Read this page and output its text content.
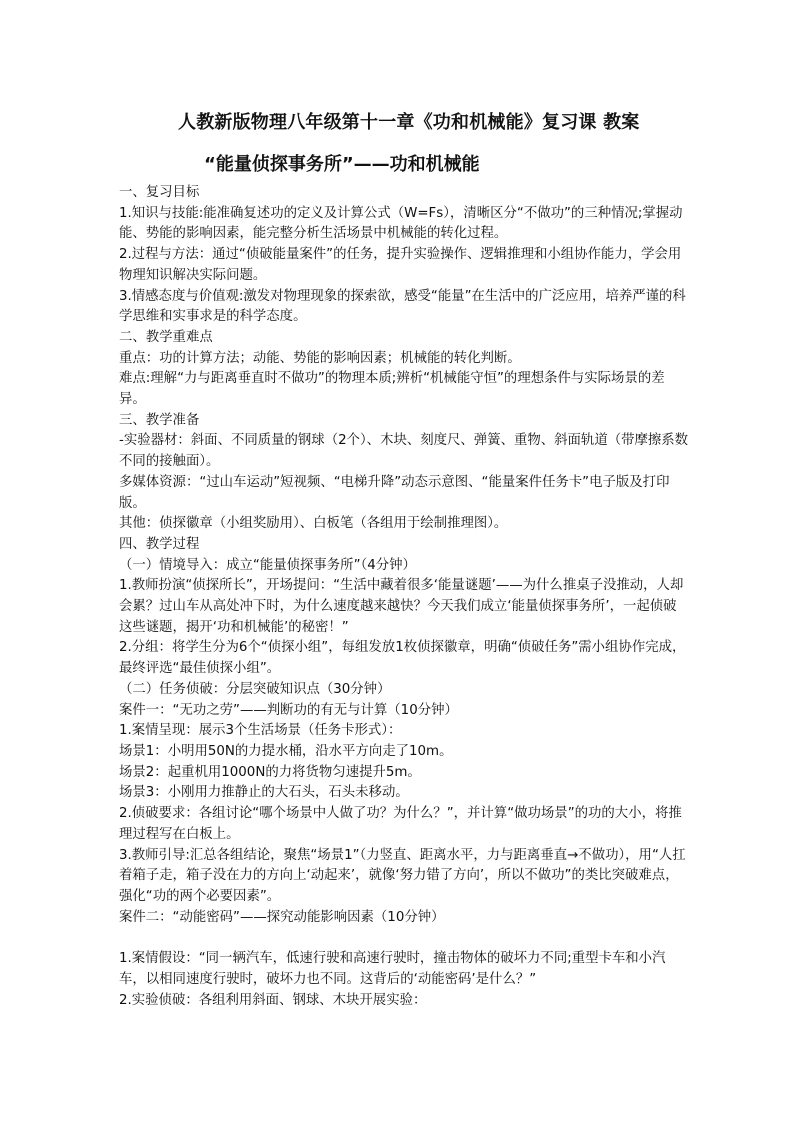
人教新版物理八年级第十一章《功和机械能》复习课 教案
“能量侦探事务所”——功和机械能

一、复习目标

1.知识与技能:能准确复述功的定义及计算公式（W=Fs），清晰区分“不做功”的三种情况;掌握动能、势能的影响因素，能完整分析生活场景中机械能的转化过程。

2.过程与方法：通过“侦破能量案件”的任务，提升实验操作、逻辑推理和小组协作能力，学会用物理知识解决实际问题。

3.情感态度与价值观:激发对物理现象的探索欲，感受“能量”在生活中的广泛应用，培养严谨的科学思维和实事求是的科学态度。

二、教学重难点

重点：功的计算方法；动能、势能的影响因素；机械能的转化判断。

难点:理解“力与距离垂直时不做功”的物理本质;辨析“机械能守恒”的理想条件与实际场景的差异。

三、教学准备

-实验器材：斜面、不同质量的钢球（2个）、木块、刻度尺、弹簧、重物、斜面轨道（带摩擦系数不同的接触面）。

多媒体资源：“过山车运动”短视频、“电梯升降”动态示意图、“能量案件任务卡”电子版及打印版。

其他：侦探徽章（小组奖励用）、白板笔（各组用于绘制推理图）。

四、教学过程

（一）情境导入：成立“能量侦探事务所”（4分钟）

1.教师扮演“侦探所长”，开场提问：“生活中藏着很多‘能量谜题’——为什么推桌子没推动，人却会累？过山车从高处冲下时，为什么速度越来越快？今天我们成立‘能量侦探事务所’，一起侦破这些谜题，揭开‘功和机械能’的秘密！”

2.分组：将学生分为6个“侦探小组”，每组发放1枚侦探徽章，明确“侦破任务”需小组协作完成，最终评选“最佳侦探小组”。

（二）任务侦破：分层突破知识点（30分钟）

案件一：“无功之劳”——判断功的有无与计算（10分钟）

1.案情呈现：展示3个生活场景（任务卡形式）：

场景1：小明用50N的力提水桶，沿水平方向走了10m。

场景2：起重机用1000N的力将货物匀速提升5m。

场景3：小刚用力推静止的大石头，石头未移动。

2.侦破要求：各组讨论“哪个场景中人做了功？为什么？”，并计算“做功场景”的功的大小，将推理过程写在白板上。

3.教师引导:汇总各组结论，聚焦“场景1”（力竖直、距离水平，力与距离垂直→不做功），用“人扛着箱子走，箱子没在力的方向上‘动起来’，就像‘努力错了方向’，所以不做功”的类比突破难点，强化“功的两个必要因素”。

案件二：“动能密码”——探究动能影响因素（10分钟）

1.案情假设：“同一辆汽车，低速行驶和高速行驶时，撞击物体的破坏力不同;重型卡车和小汽车，以相同速度行驶时，破坏力也不同。这背后的‘动能密码’是什么？”

2.实验侦破：各组利用斜面、钢球、木块开展实验：
